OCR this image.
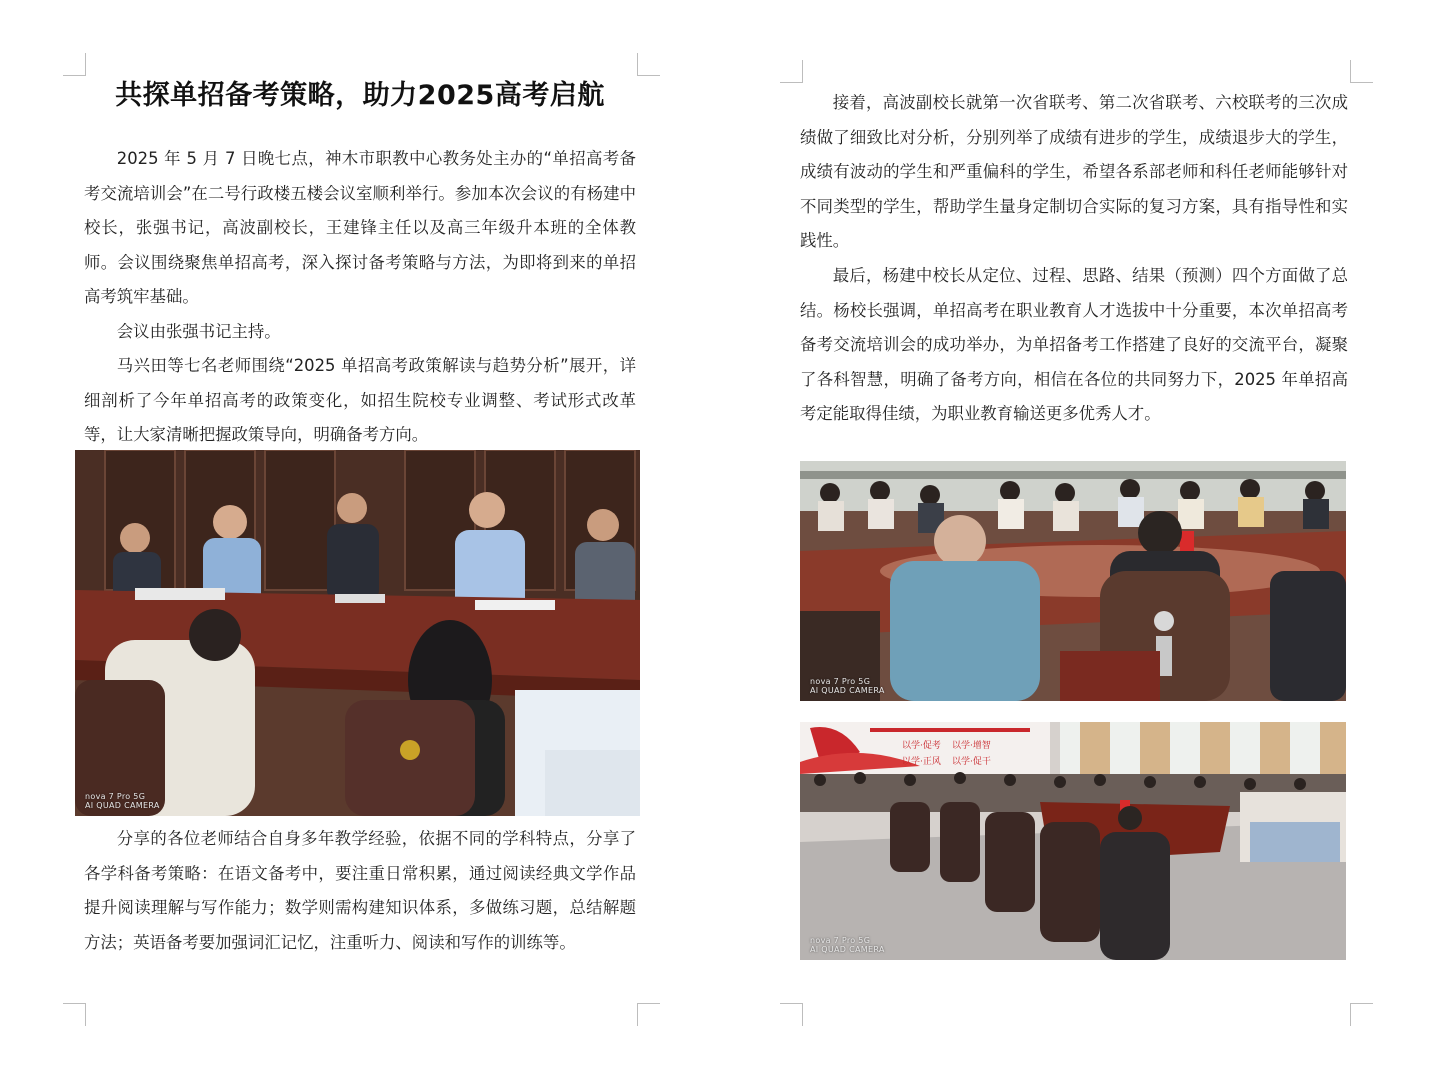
共探单招备考策略，助力2025高考启航

2025 年 5 月 7 日晚七点，神木市职教中心教务处主办的“单招高考备考交流培训会”在二号行政楼五楼会议室顺利举行。参加本次会议的有杨建中校长，张强书记，高波副校长，王建锋主任以及高三年级升本班的全体教师。会议围绕聚焦单招高考，深入探讨备考策略与方法，为即将到来的单招高考筑牢基础。

会议由张强书记主持。

马兴田等七名老师围绕“2025 单招高考政策解读与趋势分析”展开，详细剖析了今年单招高考的政策变化，如招生院校专业调整、考试形式改革等，让大家清晰把握政策导向，明确备考方向。

nova 7 Pro 5G
AI QUAD CAMERA

分享的各位老师结合自身多年教学经验，依据不同的学科特点，分享了各学科备考策略：在语文备考中，要注重日常积累，通过阅读经典文学作品提升阅读理解与写作能力；数学则需构建知识体系，多做练习题，总结解题方法；英语备考要加强词汇记忆，注重听力、阅读和写作的训练等。

接着，高波副校长就第一次省联考、第二次省联考、六校联考的三次成绩做了细致比对分析，分别列举了成绩有进步的学生，成绩退步大的学生，成绩有波动的学生和严重偏科的学生，希望各系部老师和科任老师能够针对不同类型的学生，帮助学生量身定制切合实际的复习方案，具有指导性和实践性。

最后，杨建中校长从定位、过程、思路、结果（预测）四个方面做了总结。杨校长强调，单招高考在职业教育人才选拔中十分重要，本次单招高考备考交流培训会的成功举办，为单招备考工作搭建了良好的交流平台，凝聚了各科智慧，明确了备考方向，相信在各位的共同努力下，2025 年单招高考定能取得佳绩，为职业教育输送更多优秀人才。

nova 7 Pro 5G
AI QUAD CAMERA
以学·促考 以学·增智
以学·正风 以学·促干
nova 7 Pro 5G
AI QUAD CAMERA
